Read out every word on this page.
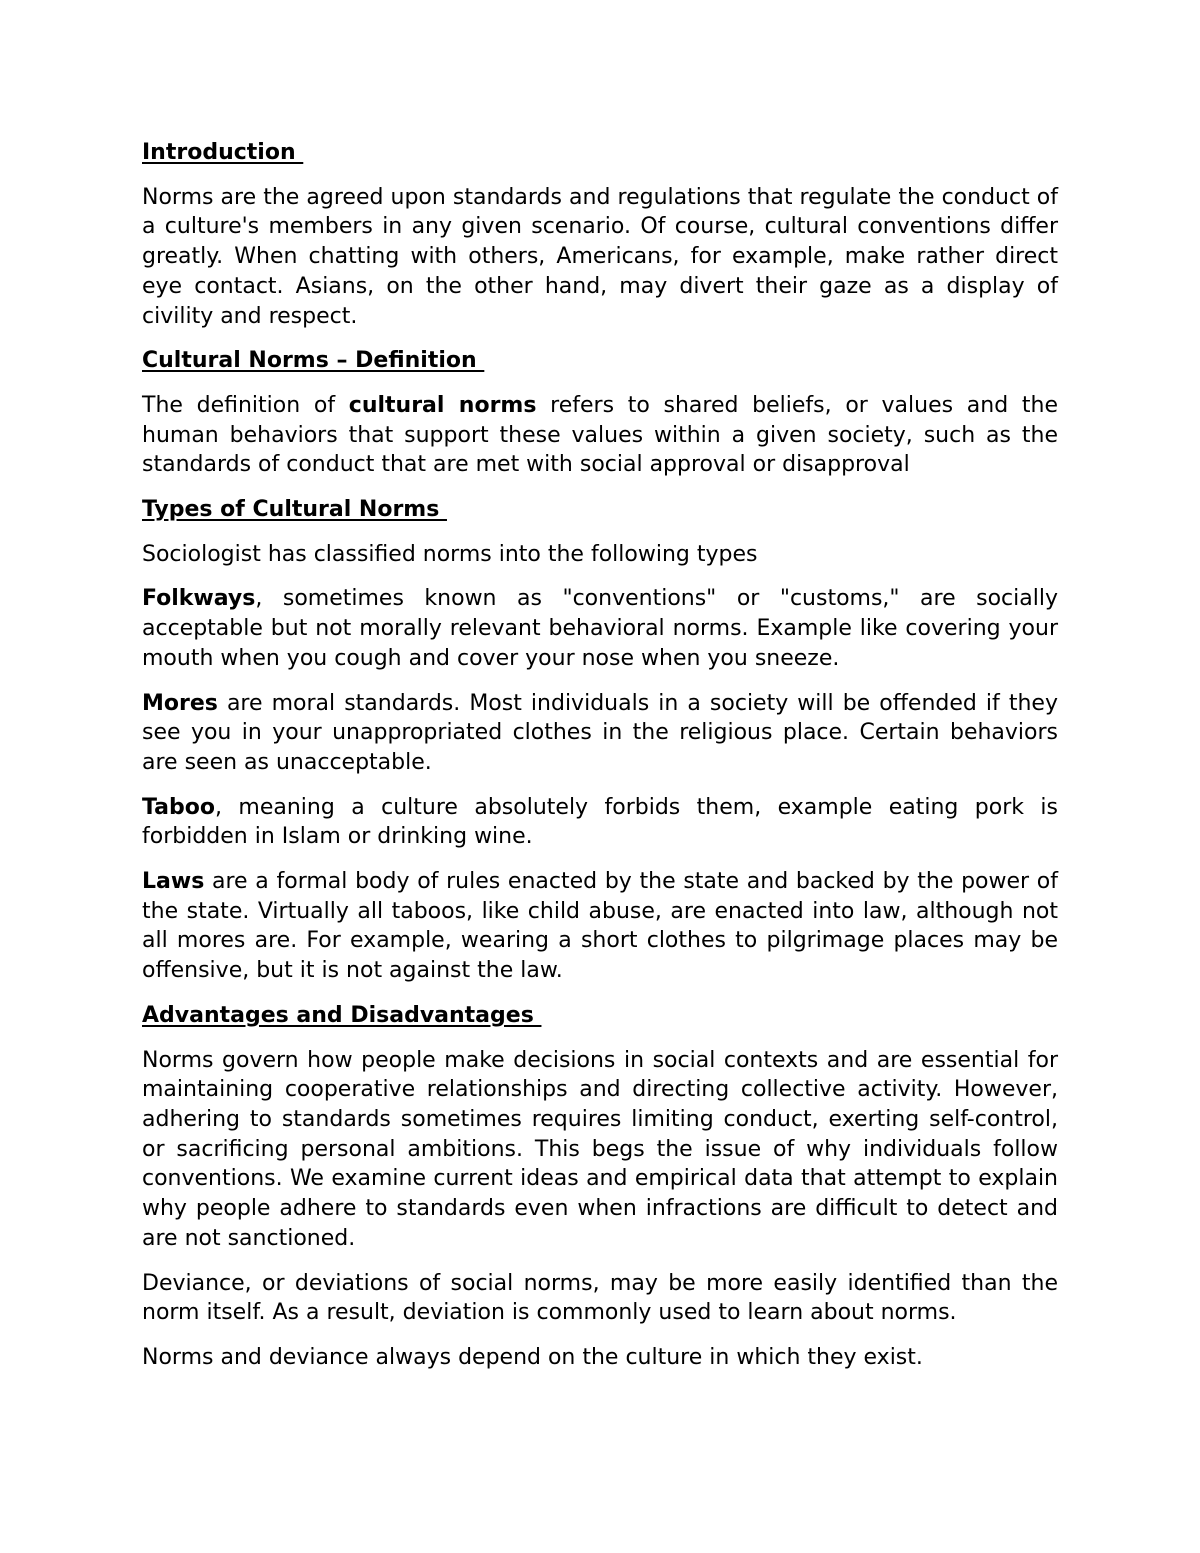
Introduction

Norms are the agreed upon standards and regulations that regulate the conduct of a culture's members in any given scenario. Of course, cultural conventions differ greatly. When chatting with others, Americans, for example, make rather direct eye contact. Asians, on the other hand, may divert their gaze as a display of civility and respect.

Cultural Norms – Definition

The definition of cultural norms refers to shared beliefs, or values and the human behaviors that support these values within a given society, such as the standards of conduct that are met with social approval or disapproval

Types of Cultural Norms

Sociologist has classified norms into the following types

Folkways, sometimes known as "conventions" or "customs," are socially acceptable but not morally relevant behavioral norms. Example like covering your mouth when you cough and cover your nose when you sneeze.

Mores are moral standards. Most individuals in a society will be offended if they see you in your unappropriated clothes in the religious place. Certain behaviors are seen as unacceptable.

Taboo, meaning a culture absolutely forbids them, example eating pork is forbidden in Islam or drinking wine.

Laws are a formal body of rules enacted by the state and backed by the power of the state. Virtually all taboos, like child abuse, are enacted into law, although not all mores are. For example, wearing a short clothes to pilgrimage places may be offensive, but it is not against the law.

Advantages and Disadvantages

Norms govern how people make decisions in social contexts and are essential for maintaining cooperative relationships and directing collective activity. However, adhering to standards sometimes requires limiting conduct, exerting self-control, or sacrificing personal ambitions. This begs the issue of why individuals follow conventions. We examine current ideas and empirical data that attempt to explain why people adhere to standards even when infractions are difficult to detect and are not sanctioned.

Deviance, or deviations of social norms, may be more easily identified than the norm itself. As a result, deviation is commonly used to learn about norms.

Norms and deviance always depend on the culture in which they exist.
